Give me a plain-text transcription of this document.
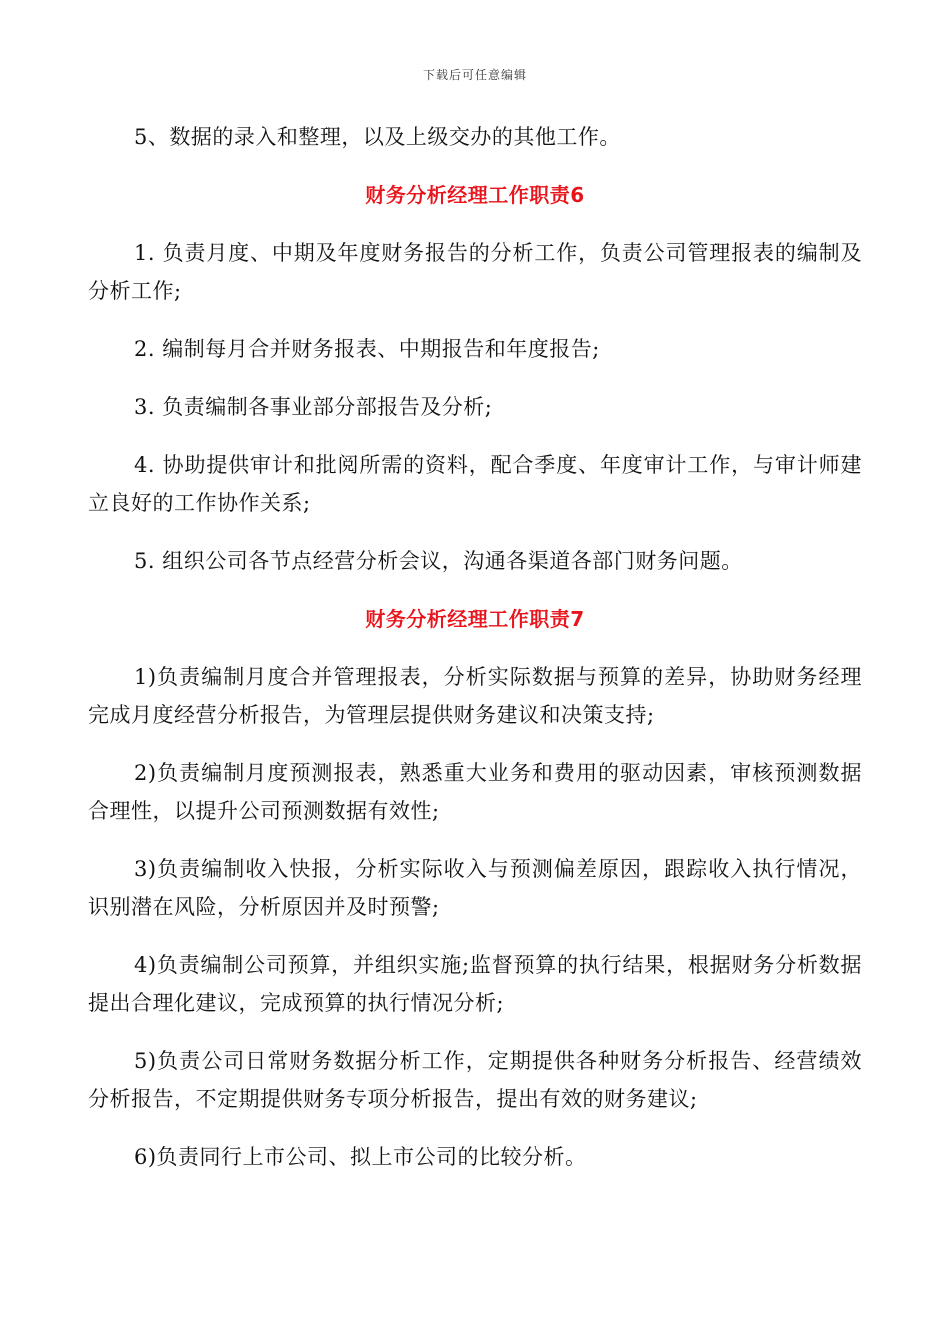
下载后可任意编辑

5、数据的录入和整理，以及上级交办的其他工作。

财务分析经理工作职责6

1. 负责月度、中期及年度财务报告的分析工作，负责公司管理报表的编制及分析工作;

2. 编制每月合并财务报表、中期报告和年度报告;

3. 负责编制各事业部分部报告及分析;

4. 协助提供审计和批阅所需的资料，配合季度、年度审计工作，与审计师建立良好的工作协作关系;

5. 组织公司各节点经营分析会议，沟通各渠道各部门财务问题。

财务分析经理工作职责7

1)负责编制月度合并管理报表，分析实际数据与预算的差异，协助财务经理完成月度经营分析报告，为管理层提供财务建议和决策支持;

2)负责编制月度预测报表，熟悉重大业务和费用的驱动因素，审核预测数据合理性，以提升公司预测数据有效性;

3)负责编制收入快报，分析实际收入与预测偏差原因，跟踪收入执行情况，识别潜在风险，分析原因并及时预警;

4)负责编制公司预算，并组织实施;监督预算的执行结果，根据财务分析数据提出合理化建议，完成预算的执行情况分析;

5)负责公司日常财务数据分析工作，定期提供各种财务分析报告、经营绩效分析报告，不定期提供财务专项分析报告，提出有效的财务建议;

6)负责同行上市公司、拟上市公司的比较分析。
